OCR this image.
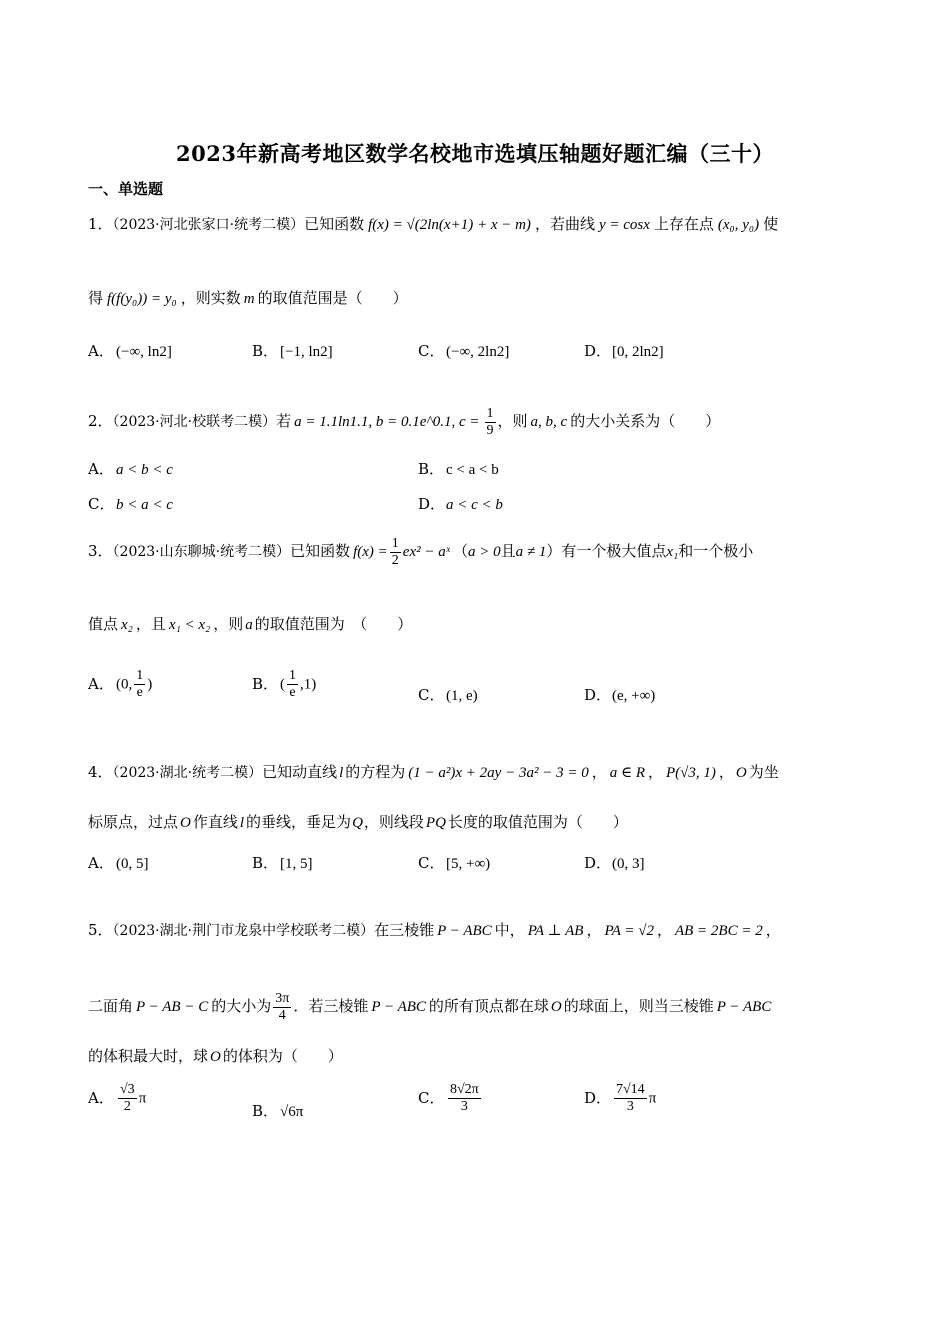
2023年新高考地区数学名校地市选填压轴题好题汇编（三十）
一、单选题
1．（2023·河北张家口·统考二模）已知函数 f(x) = √(2ln(x+1) + x − m) ，若曲线 y = cosx 上存在点 (x₀, y₀) 使
得 f(f(y₀)) = y₀ ，则实数 m 的取值范围是（　　）
A． (−∞, ln2]	B． [−1, ln2]	C． (−∞, 2ln2]	D．[0, 2ln2]
2．（2023·河北·校联考二模）若 a = 1.1ln1.1, b = 0.1e^0.1, $c = \frac{1}{9}$ ，则 a, b, c 的大小关系为（　　）
A． a < b < c	B． c < a < b
C． b < a < c	D．a < c < b
3．（2023·山东聊城·统考二模）已知函数 $f(x) = \frac{1}{2} ex^2$ − aˣ （a > 0且a ≠ 1）有一个极大值点x₁和一个极小
值点 x₂ ，且 x₁ < x₂ ，则 a 的取值范围为　（　　）
A． (0, $\frac{1}{e}$ )	B． ( $\frac{1}{e} ,1$)
C． (1, e)	D．(e, +∞)
4．（2023·湖北·统考二模）已知动直线 l 的方程为 (1 − a²)x + 2ay − 3a² − 3 = 0 ， a ∈ R ， P(√3, 1) ， O 为坐
标原点，过点 O 作直线 l 的垂线，垂足为Q，则线段 PQ 长度的取值范围为（　　）
A． (0, 5]	B． [1, 5]	C． [5, +∞)	D．(0, 3]
5．（2023·湖北·荆门市龙泉中学校联考二模）在三棱锥 P − ABC 中， PA ⊥ AB ， PA = √2 ， AB = 2BC = 2 ，
二面角 P − AB − C 的大小为 $\frac{3\pi}{4}$ ．若三棱锥 P − ABC 的所有顶点都在球 O 的球面上，则当三棱锥 P − ABC
的体积最大时，球 O 的体积为（　　）
A． $\frac{√3}{2}$ π
B． √6π
C． $\frac{8√2\pi}{3}$	D． $\frac{7√14}{3}$ π
